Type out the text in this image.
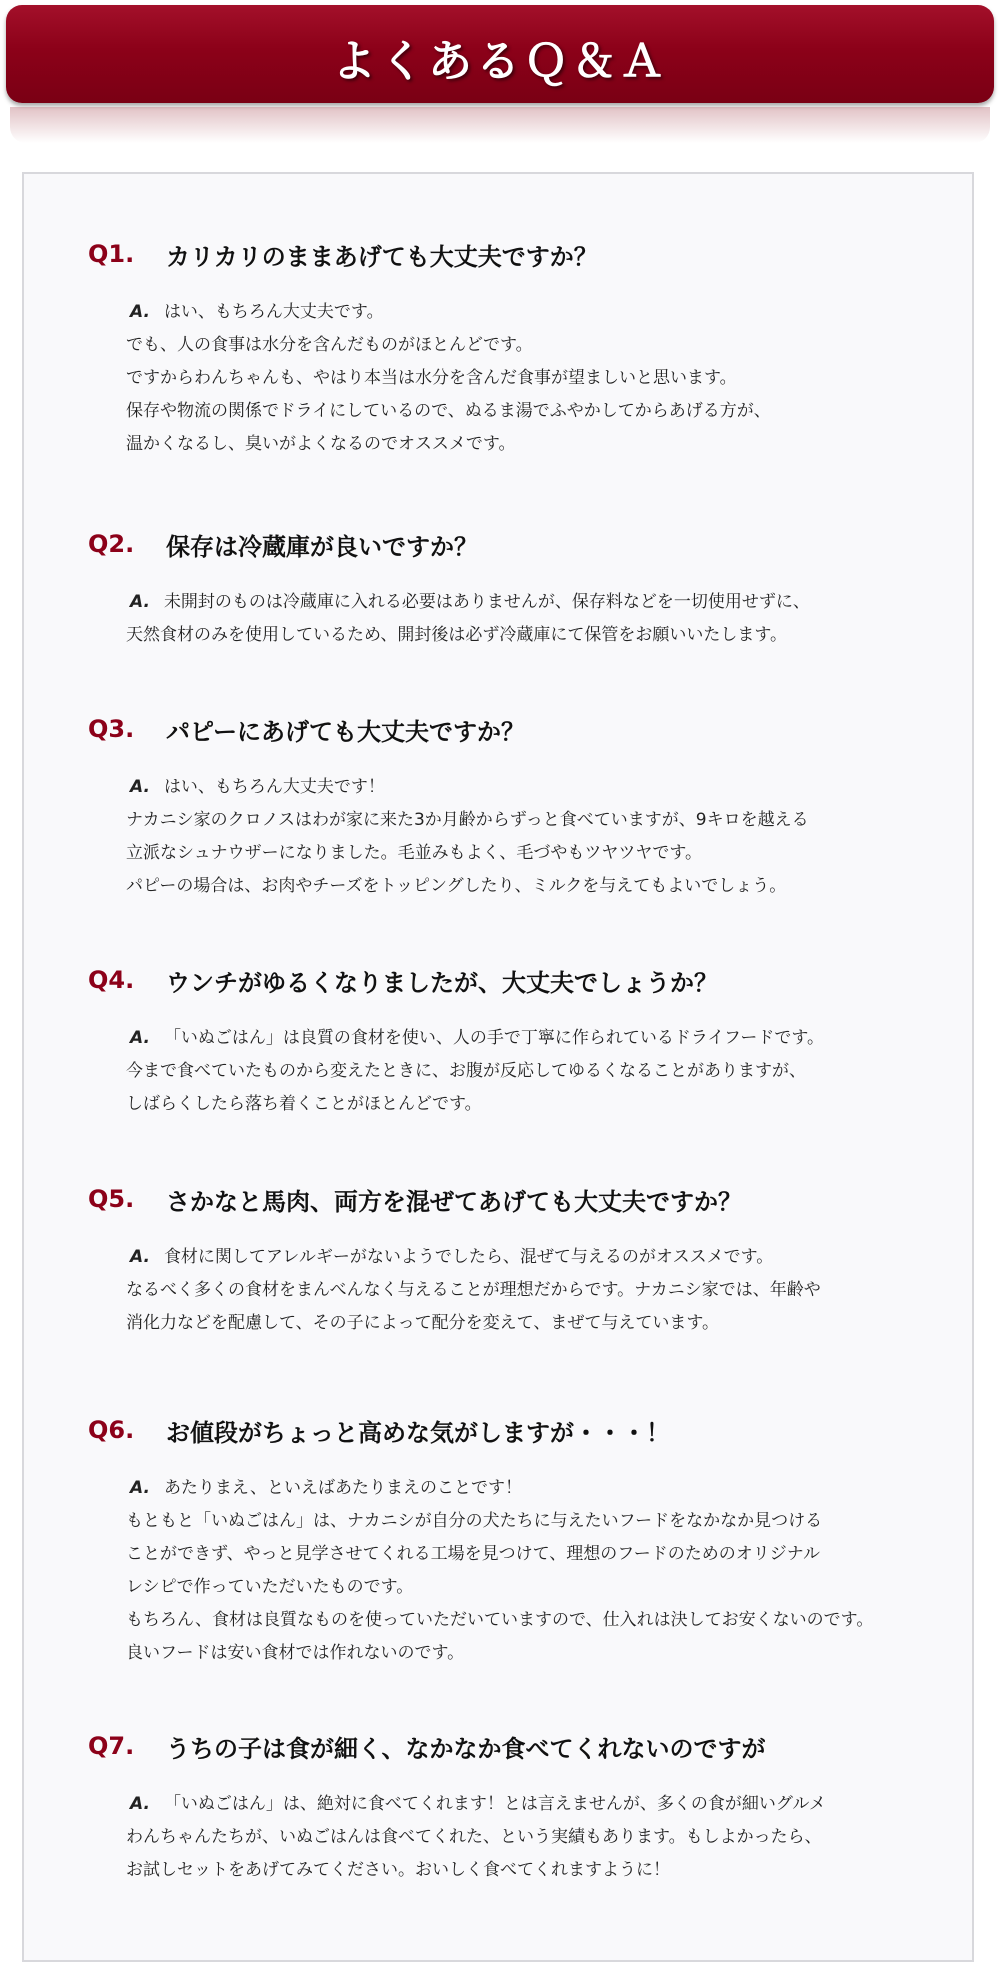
よくあるＱ＆Ａ
Q1.	カリカリのままあげても大丈夫ですか？
A. はい、もちろん大丈夫です。
でも、人の食事は水分を含んだものがほとんどです。
ですからわんちゃんも、やはり本当は水分を含んだ食事が望ましいと思います。
保存や物流の関係でドライにしているので、ぬるま湯でふやかしてからあげる方が、
温かくなるし、臭いがよくなるのでオススメです。
Q2.	保存は冷蔵庫が良いですか？
A. 未開封のものは冷蔵庫に入れる必要はありませんが、保存料などを一切使用せずに、
天然食材のみを使用しているため、開封後は必ず冷蔵庫にて保管をお願いいたします。
Q3.	パピーにあげても大丈夫ですか？
A. はい、もちろん大丈夫です！
ナカニシ家のクロノスはわが家に来た3か月齢からずっと食べていますが、9キロを越える
立派なシュナウザーになりました。毛並みもよく、毛づやもツヤツヤです。
パピーの場合は、お肉やチーズをトッピングしたり、ミルクを与えてもよいでしょう。
Q4.	ウンチがゆるくなりましたが、大丈夫でしょうか？
A. 「いぬごはん」は良質の食材を使い、人の手で丁寧に作られているドライフードです。
今まで食べていたものから変えたときに、お腹が反応してゆるくなることがありますが、
しばらくしたら落ち着くことがほとんどです。
Q5.	さかなと馬肉、両方を混ぜてあげても大丈夫ですか？
A. 食材に関してアレルギーがないようでしたら、混ぜて与えるのがオススメです。
なるべく多くの食材をまんべんなく与えることが理想だからです。ナカニシ家では、年齢や
消化力などを配慮して、その子によって配分を変えて、まぜて与えています。
Q6.	お値段がちょっと高めな気がしますが・・・！
A. あたりまえ、といえばあたりまえのことです！
もともと「いぬごはん」は、ナカニシが自分の犬たちに与えたいフードをなかなか見つける
ことができず、やっと見学させてくれる工場を見つけて、理想のフードのためのオリジナル
レシピで作っていただいたものです。
もちろん、食材は良質なものを使っていただいていますので、仕入れは決してお安くないのです。
良いフードは安い食材では作れないのです。
Q7.	うちの子は食が細く、なかなか食べてくれないのですが
A. 「いぬごはん」は、絶対に食べてくれます！とは言えませんが、多くの食が細いグルメ
わんちゃんたちが、いぬごはんは食べてくれた、という実績もあります。もしよかったら、
お試しセットをあげてみてください。おいしく食べてくれますように！
